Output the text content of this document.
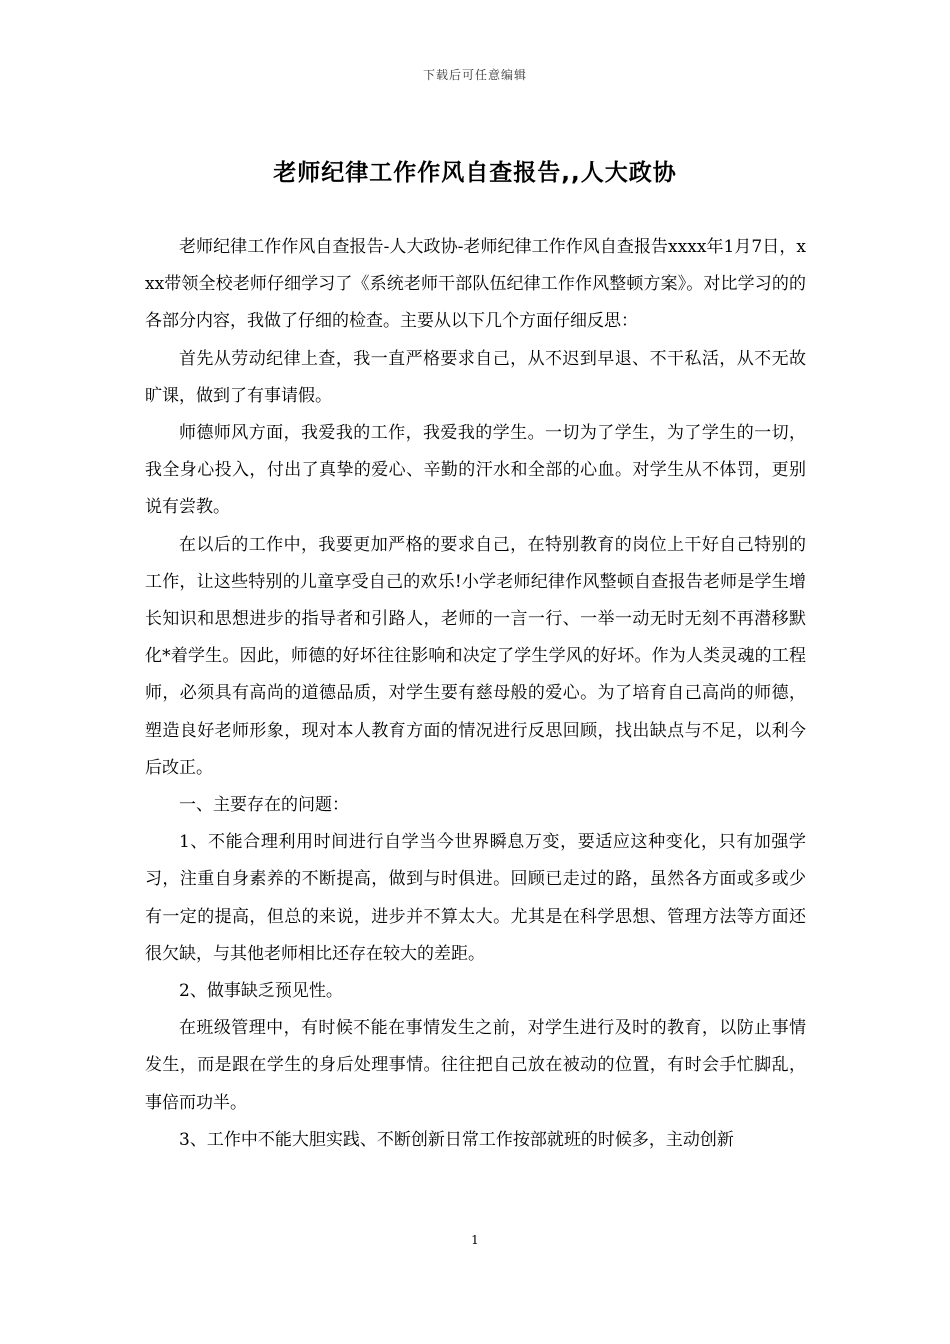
下载后可任意编辑
老师纪律工作作风自查报告,,人大政协

老师纪律工作作风自查报告-人大政协-老师纪律工作作风自查报告xxxx年1月7日，xxx带领全校老师仔细学习了《系统老师干部队伍纪律工作作风整顿方案》。对比学习的的各部分内容，我做了仔细的检查。主要从以下几个方面仔细反思：

首先从劳动纪律上查，我一直严格要求自己，从不迟到早退、不干私活，从不无故旷课，做到了有事请假。

师德师风方面，我爱我的工作，我爱我的学生。一切为了学生，为了学生的一切，我全身心投入，付出了真挚的爱心、辛勤的汗水和全部的心血。对学生从不体罚，更别说有尝教。

在以后的工作中，我要更加严格的要求自己，在特别教育的岗位上干好自己特别的工作，让这些特别的儿童享受自己的欢乐!小学老师纪律作风整顿自查报告老师是学生增长知识和思想进步的指导者和引路人，老师的一言一行、一举一动无时无刻不再潜移默化*着学生。因此，师德的好坏往往影响和决定了学生学风的好坏。作为人类灵魂的工程师，必须具有高尚的道德品质，对学生要有慈母般的爱心。为了培育自己高尚的师德，塑造良好老师形象，现对本人教育方面的情况进行反思回顾，找出缺点与不足，以利今后改正。

一、主要存在的问题：

1、不能合理利用时间进行自学当今世界瞬息万变，要适应这种变化，只有加强学习，注重自身素养的不断提高，做到与时俱进。回顾已走过的路，虽然各方面或多或少有一定的提高，但总的来说，进步并不算太大。尤其是在科学思想、管理方法等方面还很欠缺，与其他老师相比还存在较大的差距。

2、做事缺乏预见性。

在班级管理中，有时候不能在事情发生之前，对学生进行及时的教育，以防止事情发生，而是跟在学生的身后处理事情。往往把自己放在被动的位置，有时会手忙脚乱，事倍而功半。

3、工作中不能大胆实践、不断创新日常工作按部就班的时候多，主动创新

1
